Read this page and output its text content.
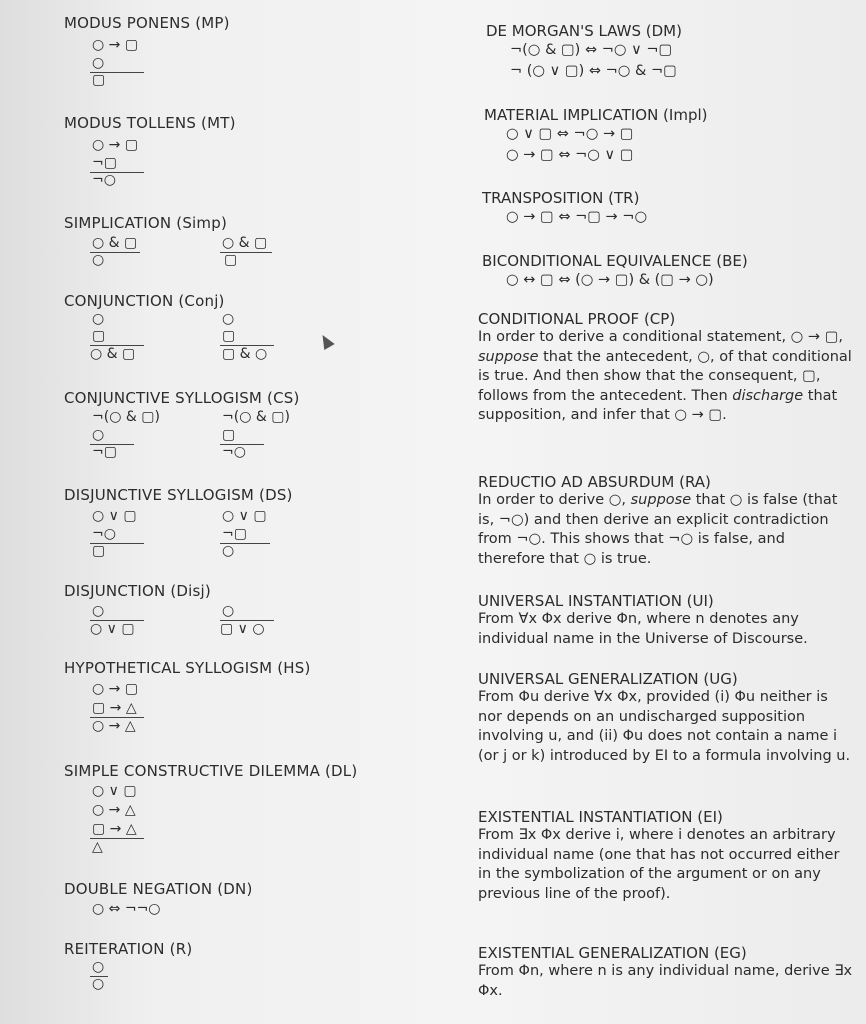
MODUS PONENS (MP)
○ → ▢
○
▢
MODUS TOLLENS (MT)
○ → ▢
¬▢
¬○
SIMPLICATION (Simp)
○ & ▢
○
○ & ▢
▢
CONJUNCTION (Conj)
○
▢
○ & ▢
○
▢
▢ & ○
CONJUNCTIVE SYLLOGISM (CS)
¬(○ & ▢)
○
¬▢
¬(○ & ▢)
▢
¬○
DISJUNCTIVE SYLLOGISM (DS)
○ ∨ ▢
¬○
▢
○ ∨ ▢
¬▢
○
DISJUNCTION (Disj)
○
○ ∨ ▢
○
▢ ∨ ○
HYPOTHETICAL SYLLOGISM (HS)
○ → ▢
▢ → △
○ → △
SIMPLE CONSTRUCTIVE DILEMMA (DL)
○ ∨ ▢
○ → △
▢ → △
△
DOUBLE NEGATION (DN)
○ ⇔ ¬¬○
REITERATION (R)
○
○
DE MORGAN'S LAWS (DM)
¬(○ & ▢) ⇔ ¬○ ∨ ¬▢
¬ (○ ∨ ▢) ⇔ ¬○ & ¬▢
MATERIAL IMPLICATION (Impl)
○ ∨ ▢ ⇔ ¬○ → ▢
○ → ▢ ⇔ ¬○ ∨ ▢
TRANSPOSITION (TR)
○ → ▢ ⇔ ¬▢ → ¬○
BICONDITIONAL EQUIVALENCE (BE)
○ ↔ ▢ ⇔ (○ → ▢) & (▢ → ○)
CONDITIONAL PROOF (CP)
In order to derive a conditional statement, ○ → ▢, suppose that the antecedent, ○, of that conditional is true. And then show that the consequent, ▢, follows from the antecedent. Then discharge that supposition, and infer that ○ → ▢.
REDUCTIO AD ABSURDUM (RA)
In order to derive ○, suppose that ○ is false (that is, ¬○) and then derive an explicit contradiction from ¬○. This shows that ¬○ is false, and therefore that ○ is true.
UNIVERSAL INSTANTIATION (UI)
From ∀x Φx derive Φn, where n denotes any individual name in the Universe of Discourse.
UNIVERSAL GENERALIZATION (UG)
From Φu derive ∀x Φx, provided (i) Φu neither is nor depends on an undischarged supposition involving u, and (ii) Φu does not contain a name i (or j or k) introduced by EI to a formula involving u.
EXISTENTIAL INSTANTIATION (EI)
From ∃x Φx derive i, where i denotes an arbitrary individual name (one that has not occurred either in the symbolization of the argument or on any previous line of the proof).
EXISTENTIAL GENERALIZATION (EG)
From Φn, where n is any individual name, derive ∃x Φx.
